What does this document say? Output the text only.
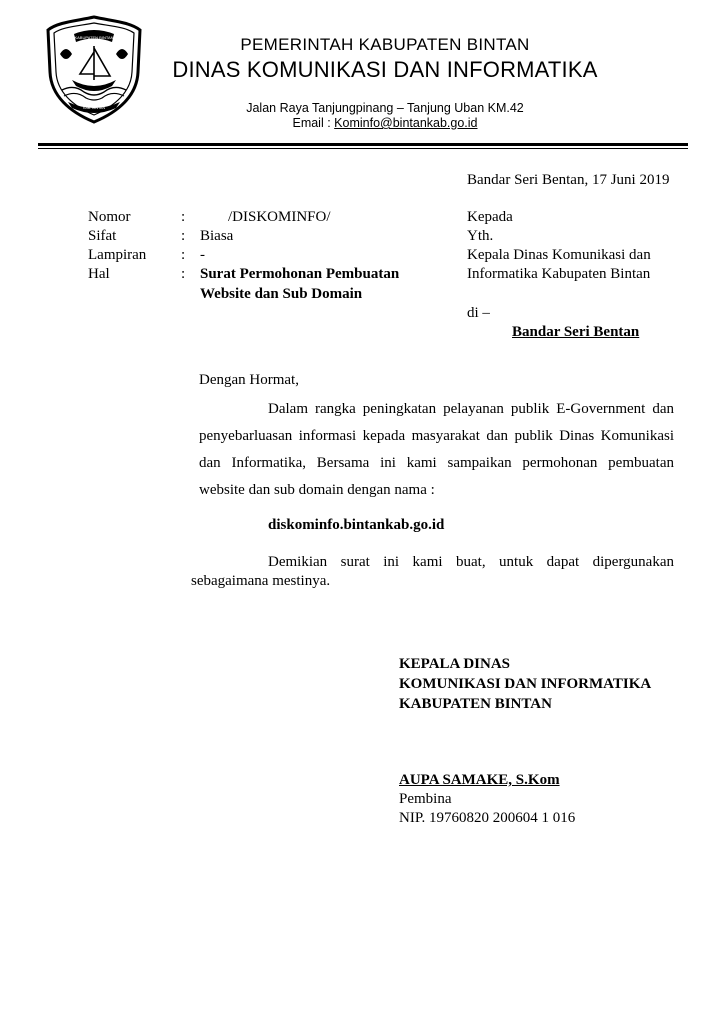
KABUPATEN BINTAN
KAB. BINTAN
PEMERINTAH KABUPATEN BINTAN
DINAS KOMUNIKASI DAN INFORMATIKA
Jalan Raya Tanjungpinang – Tanjung Uban KM.42
Email : Kominfo@bintankab.go.id
Bandar Seri Bentan, 17 Juni 2019
Nomor	:	/DISKOMINFO/
Sifat	: Biasa
Lampiran : -
Hal	: Surat Permohonan Pembuatan
Website dan Sub Domain
Kepada
Yth.
Kepala Dinas Komunikasi dan
Informatika Kabupaten Bintan
di –
Bandar Seri Bentan
Dengan Hormat,
Dalam rangka peningkatan pelayanan publik E-Government dan
penyebarluasan informasi kepada masyarakat dan publik Dinas Komunikasi
dan Informatika, Bersama ini kami sampaikan permohonan pembuatan
website dan sub domain dengan nama :
diskominfo.bintankab.go.id
Demikian surat ini kami buat, untuk dapat dipergunakan
sebagaimana mestinya.
KEPALA DINAS
KOMUNIKASI DAN INFORMATIKA
KABUPATEN BINTAN
AUPA SAMAKE, S.Kom
Pembina
NIP. 19760820 200604 1 016
